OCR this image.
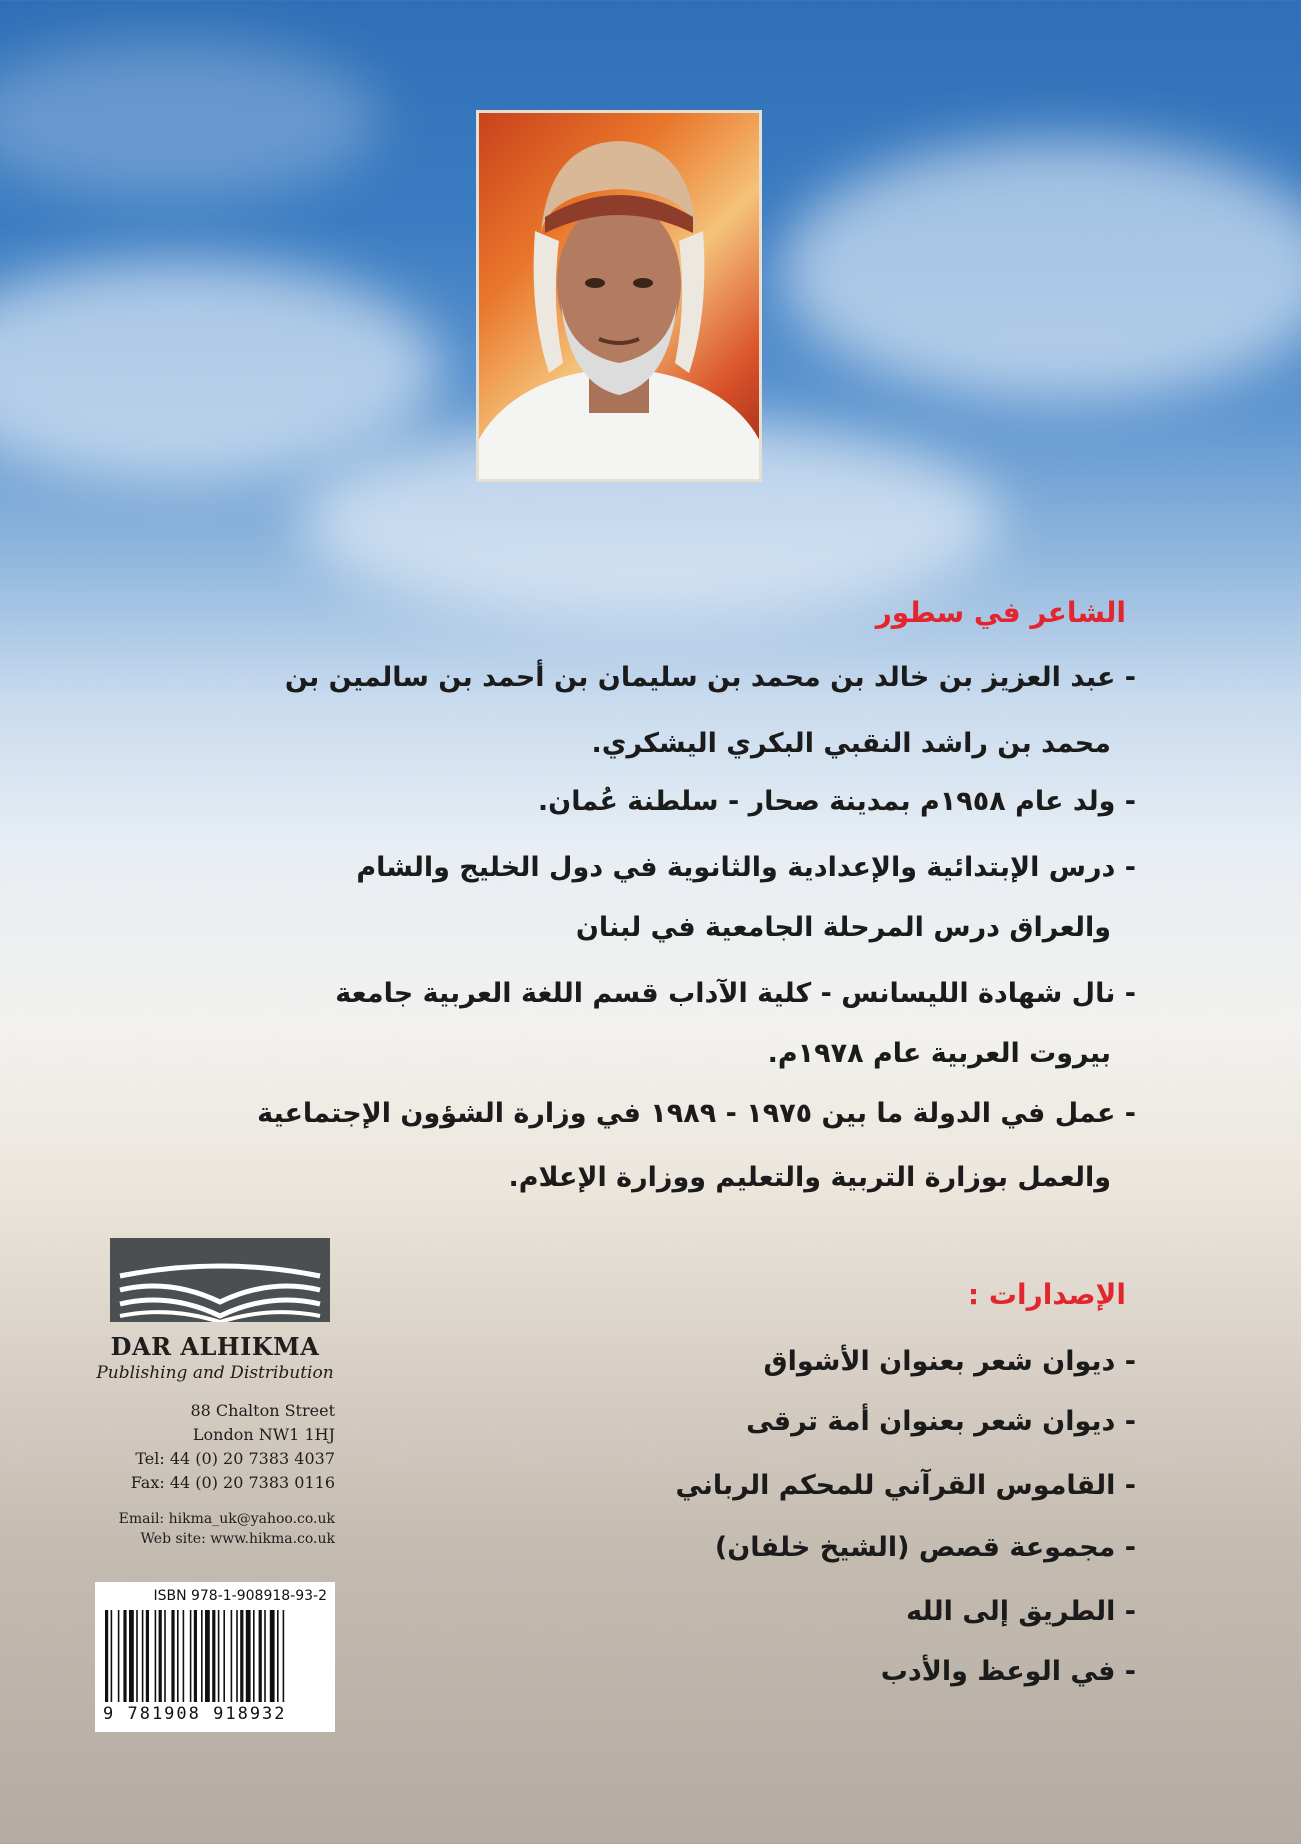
الشاعر في سطور
- عبد العزيز بن خالد بن محمد بن سليمان بن أحمد بن سالمين بن
محمد بن راشد النقبي البكري اليشكري.
- ولد عام ١٩٥٨م بمدينة صحار - سلطنة عُمان.
- درس الإبتدائية والإعدادية والثانوية في دول الخليج والشام
والعراق درس المرحلة الجامعية في لبنان
- نال شهادة الليسانس - كلية الآداب قسم اللغة العربية جامعة
بيروت العربية عام ١٩٧٨م.
- عمل في الدولة ما بين ١٩٧٥ - ١٩٨٩ في وزارة الشؤون الإجتماعية
والعمل بوزارة التربية والتعليم ووزارة الإعلام.
الإصدارات :
- ديوان شعر بعنوان الأشواق
- ديوان شعر بعنوان أمة ترقى
- القاموس القرآني للمحكم الرباني
- مجموعة قصص (الشيخ خلفان)
- الطريق إلى الله
- في الوعظ والأدب
DAR ALHIKMA
Publishing and Distribution
88 Chalton Street
London NW1 1HJ
Tel: 44 (0) 20 7383 4037
Fax: 44 (0) 20 7383 0116
Email: hikma_uk@yahoo.co.uk
Web site: www.hikma.co.uk
ISBN 978-1-908918-93-2
9 781908 918932
